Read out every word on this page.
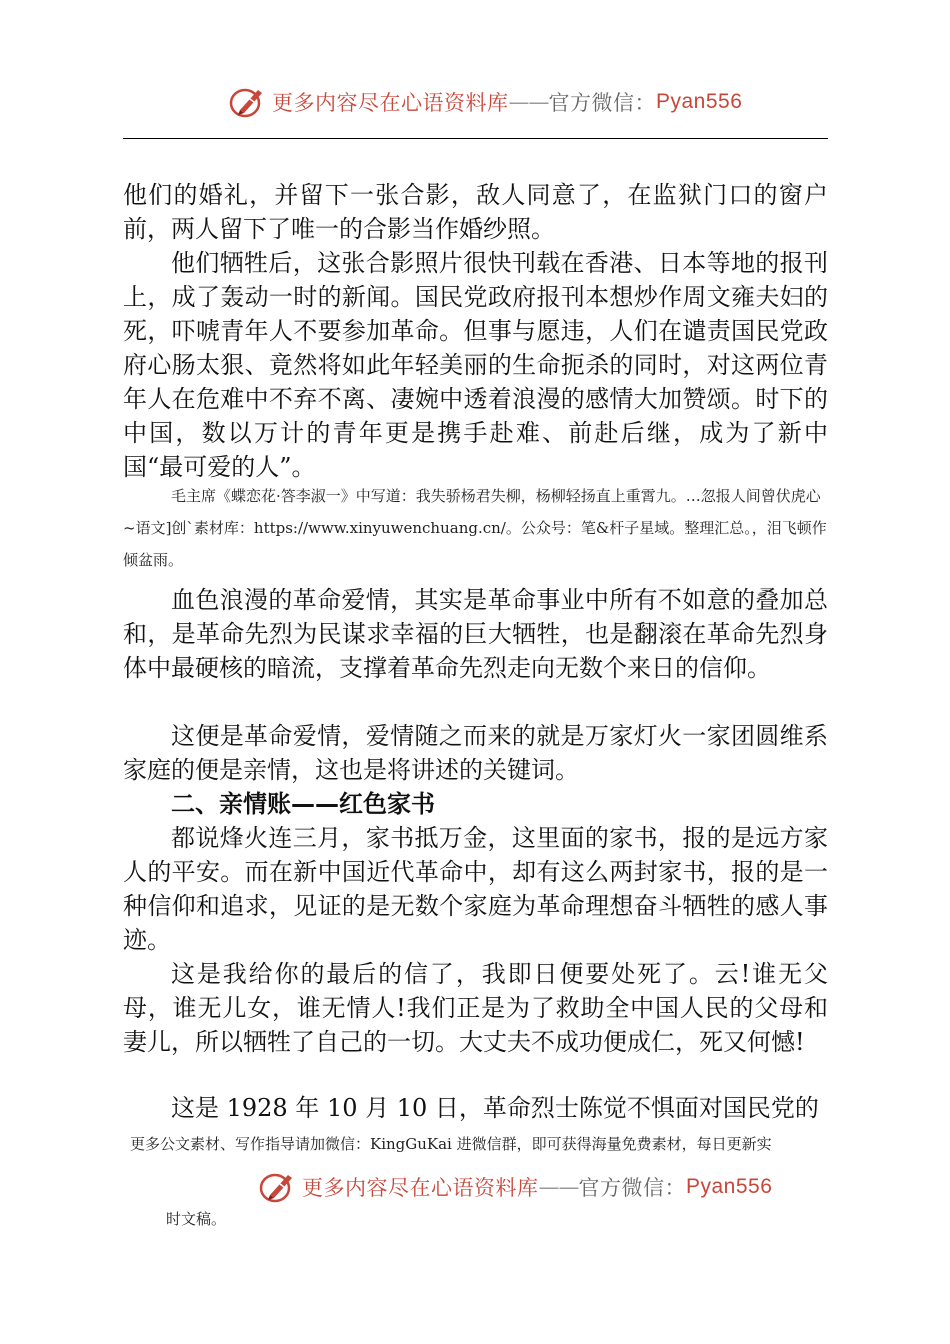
更多内容尽在心语资料库 —— 官方微信： Pyan556

他们的婚礼，并留下一张合影，敌人同意了，在监狱门口的窗户前，两人留下了唯一的合影当作婚纱照。

他们牺牲后，这张合影照片很快刊载在香港、日本等地的报刊上，成了轰动一时的新闻。国民党政府报刊本想炒作周文雍夫妇的死，吓唬青年人不要参加革命。但事与愿违，人们在谴责国民党政府心肠太狠、竟然将如此年轻美丽的生命扼杀的同时，对这两位青年人在危难中不弃不离、凄婉中透着浪漫的感情大加赞颂。时下的中国，数以万计的青年更是携手赴难、前赴后继，成为了新中国“最可爱的人”。

毛主席《蝶恋花·答李淑一》中写道：我失骄杨君失柳，杨柳轻扬直上重霄九。…忽报人间曾伏虎心~语文]创`素材库：https://www.xinyuwenchuang.cn/。公众号：笔&杆子星域。整理汇总。，泪飞顿作倾盆雨。

血色浪漫的革命爱情，其实是革命事业中所有不如意的叠加总和，是革命先烈为民谋求幸福的巨大牺牲，也是翻滚在革命先烈身体中最硬核的暗流，支撑着革命先烈走向无数个来日的信仰。

这便是革命爱情，爱情随之而来的就是万家灯火一家团圆维系家庭的便是亲情，这也是将讲述的关键词。

二、亲情账——红色家书

都说烽火连三月，家书抵万金，这里面的家书，报的是远方家人的平安。而在新中国近代革命中，却有这么两封家书，报的是一种信仰和追求，见证的是无数个家庭为革命理想奋斗牺牲的感人事迹。

这是我给你的最后的信了，我即日便要处死了。云!谁无父母，谁无儿女，谁无情人!我们正是为了救助全中国人民的父母和妻儿，所以牺牲了自己的一切。大丈夫不成功便成仁，死又何憾!

这是 1928 年 10 月 10 日，革命烈士陈觉不惧面对国民党的

更多公文素材、写作指导请加微信：KingGuKai 进微信群，即可获得海量免费素材，每日更新实

更多内容尽在心语资料库 —— 官方微信： Pyan556

时文稿。
